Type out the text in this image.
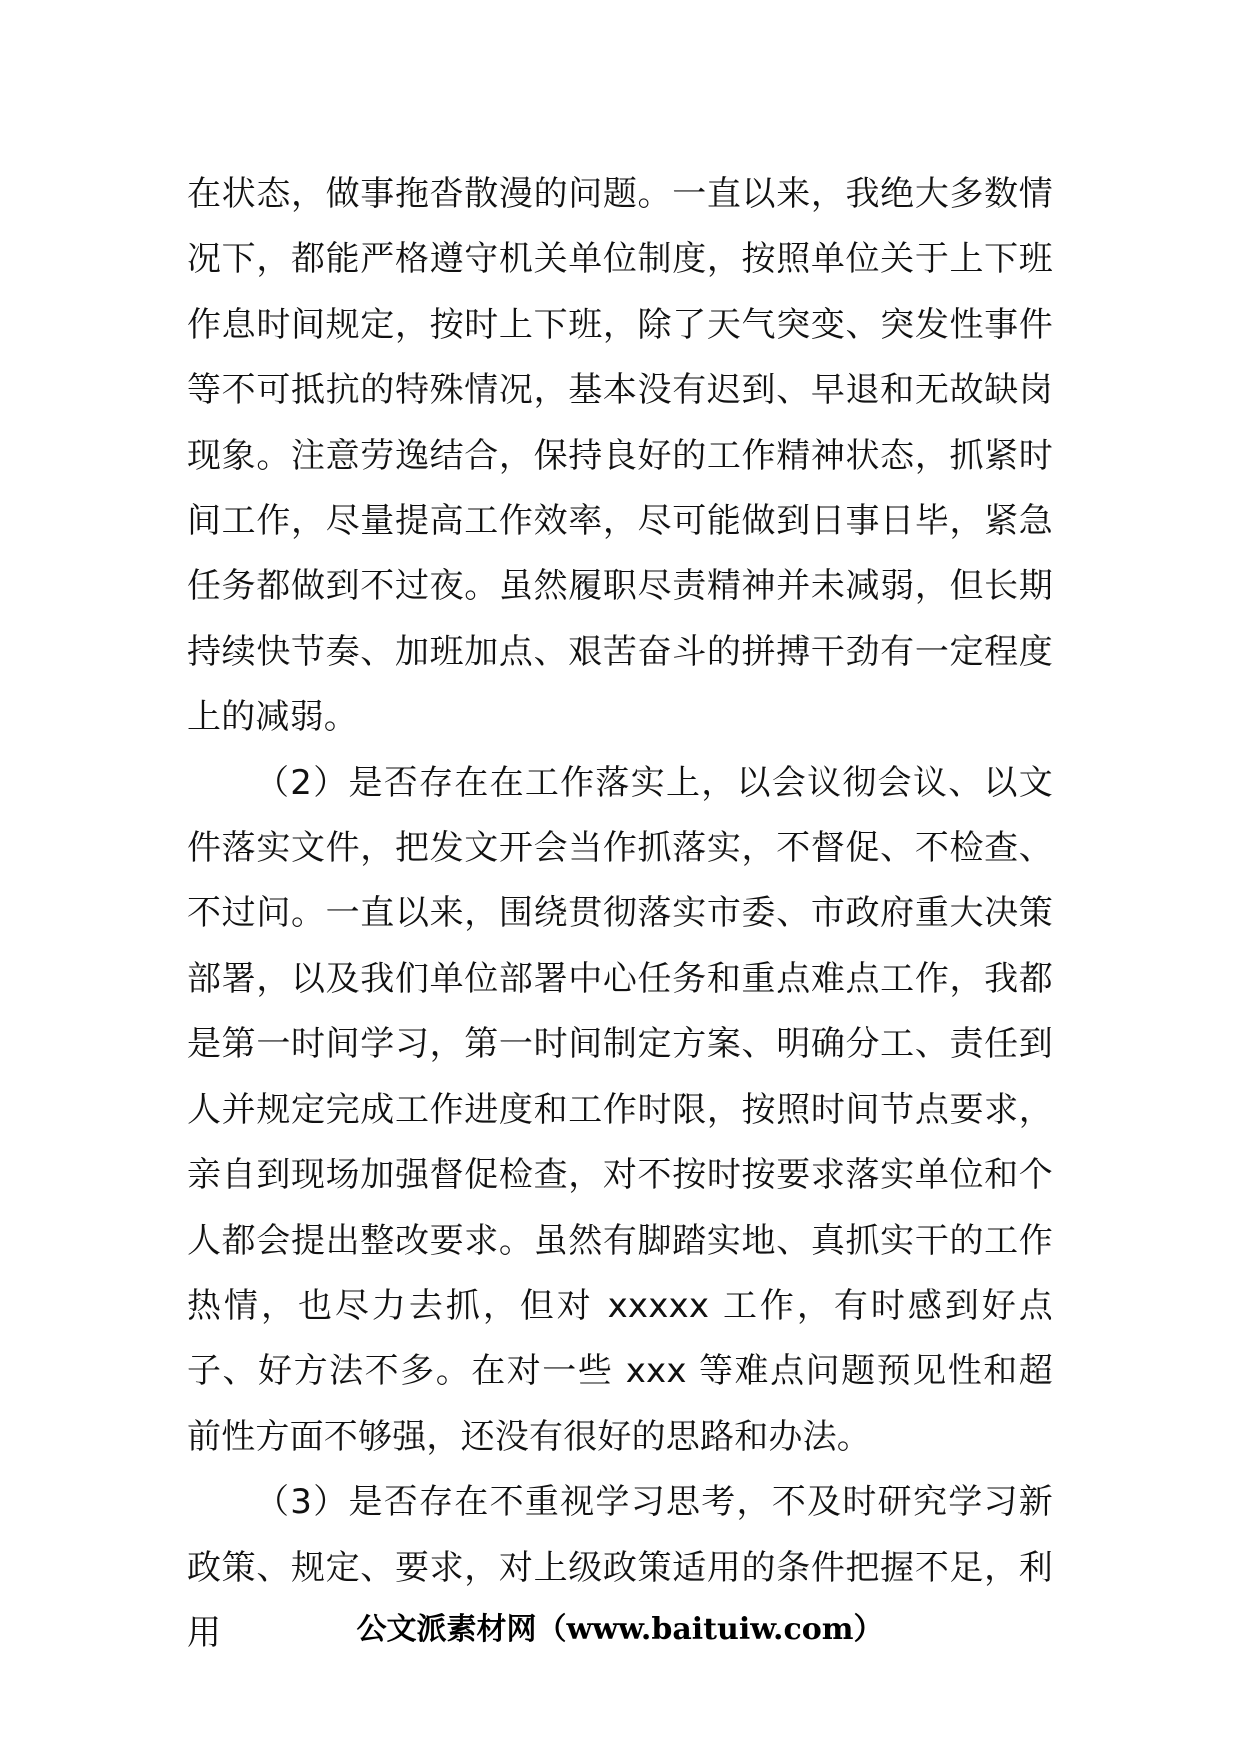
在状态，做事拖沓散漫的问题。一直以来，我绝大多数情况下，都能严格遵守机关单位制度，按照单位关于上下班作息时间规定，按时上下班，除了天气突变、突发性事件等不可抵抗的特殊情况，基本没有迟到、早退和无故缺岗现象。注意劳逸结合，保持良好的工作精神状态，抓紧时间工作，尽量提高工作效率，尽可能做到日事日毕，紧急任务都做到不过夜。虽然履职尽责精神并未减弱，但长期持续快节奏、加班加点、艰苦奋斗的拼搏干劲有一定程度上的减弱。

（2）是否存在在工作落实上，以会议彻会议、以文件落实文件，把发文开会当作抓落实，不督促、不检查、不过问。一直以来，围绕贯彻落实市委、市政府重大决策部署，以及我们单位部署中心任务和重点难点工作，我都是第一时间学习，第一时间制定方案、明确分工、责任到人并规定完成工作进度和工作时限，按照时间节点要求，亲自到现场加强督促检查，对不按时按要求落实单位和个人都会提出整改要求。虽然有脚踏实地、真抓实干的工作热情，也尽力去抓，但对 xxxxx 工作，有时感到好点子、好方法不多。在对一些 xxx 等难点问题预见性和超前性方面不够强，还没有很好的思路和办法。

（3）是否存在不重视学习思考，不及时研究学习新政策、规定、要求，对上级政策适用的条件把握不足，利用	公文派素材网（www.baituiw.com）
